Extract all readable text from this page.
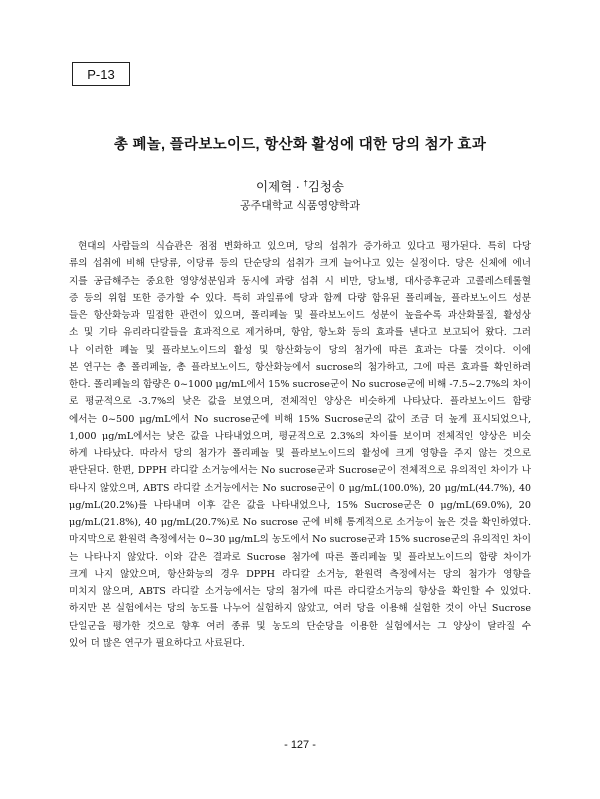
P-13
총 폐놀, 플라보노이드, 항산화 활성에 대한 당의 첨가 효과
이제혁 · †김청송
공주대학교 식품영양학과
현대의 사람들의 식습관은 점점 변화하고 있으며, 당의 섭취가 증가하고 있다고 평가된다. 특히 다당
류의 섭취에 비해 단당류, 이당류 등의 단순당의 섭취가 크게 늘어나고 있는 실정이다. 당은 신체에 에너
지를 공급해주는 중요한 영양성분임과 동시에 과량 섭취 시 비만, 당뇨병, 대사증후군과 고콜레스테롤혈
증 등의 위험 또한 증가할 수 있다. 특히 과일류에 당과 함께 다량 함유된 폴리페놀, 플라보노이드 성분
들은 항산화능과 밀접한 관련이 있으며, 폴리페놀 및 플라보노이드 성분이 높을수록 과산화물질, 활성상
소 및 기타 유리라디칼들을 효과적으로 제거하며, 항암, 항노화 등의 효과를 낸다고 보고되어 왔다. 그러
나 이러한 폐놀 및 플라보노이드의 활성 및 항산화능이 당의 첨가에 따른 효과는 다룰 것이다. 이에
본 연구는 총 폴리페놀, 총 플라보노이드, 항산화능에서 sucrose의 첨가하고, 그에 따른 효과를 확인하려
한다. 폴리페놀의 함량은 0~1000 μg/mL에서 15% sucrose군이 No sucrose군에 비해 -7.5~2.7%의 차이
로 평균적으로 -3.7%의 낮은 값을 보였으며, 전체적인 양상은 비슷하게 나타났다. 플라보노이드 함량
에서는 0~500 μg/mL에서 No sucrose군에 비해 15% Sucrose군의 값이 조금 더 높게 표시되었으나,
1,000 μg/mL에서는 낮은 값을 나타내었으며, 평균적으로 2.3%의 차이를 보이며 전체적인 양상은 비슷
하게 나타났다. 따라서 당의 첨가가 폴리페놀 및 플라보노이드의 활성에 크게 영향을 주지 않는 것으로
판단된다. 한편, DPPH 라디칼 소거능에서는 No sucrose군과 Sucrose군이 전체적으로 유의적인 차이가 나
타나지 않았으며, ABTS 라디칼 소거능에서는 No sucrose군이 0 μg/mL(100.0%), 20 μg/mL(44.7%), 40
μg/mL(20.2%)를 나타내며 이후 같은 값을 나타내었으나, 15% Sucrose군은 0 μg/mL(69.0%), 20
μg/mL(21.8%), 40 μg/mL(20.7%)로 No sucrose 군에 비해 통계적으로 소거능이 높은 것을 확인하였다.
마지막으로 환원력 측정에서는 0~30 μg/mL의 농도에서 No sucrose군과 15% sucrose군의 유의적인 차이
는 나타나지 않았다. 이와 같은 결과로 Sucrose 첨가에 따른 폴리페놀 및 플라보노이드의 함량 차이가
크게 나지 않았으며, 항산화능의 경우 DPPH 라디칼 소거능, 환원력 측정에서는 당의 첨가가 영향을
미치지 않으며, ABTS 라디칼 소거능에서는 당의 첨가에 따른 라디칼소거능의 향상을 확인할 수 있었다.
하지만 본 실험에서는 당의 농도를 나누어 실험하지 않았고, 여러 당을 이용해 실험한 것이 아닌 Sucrose
단일군을 평가한 것으로 향후 여러 종류 및 농도의 단순당을 이용한 실험에서는 그 양상이 달라질 수
있어 더 많은 연구가 필요하다고 사료된다.
- 127 -
